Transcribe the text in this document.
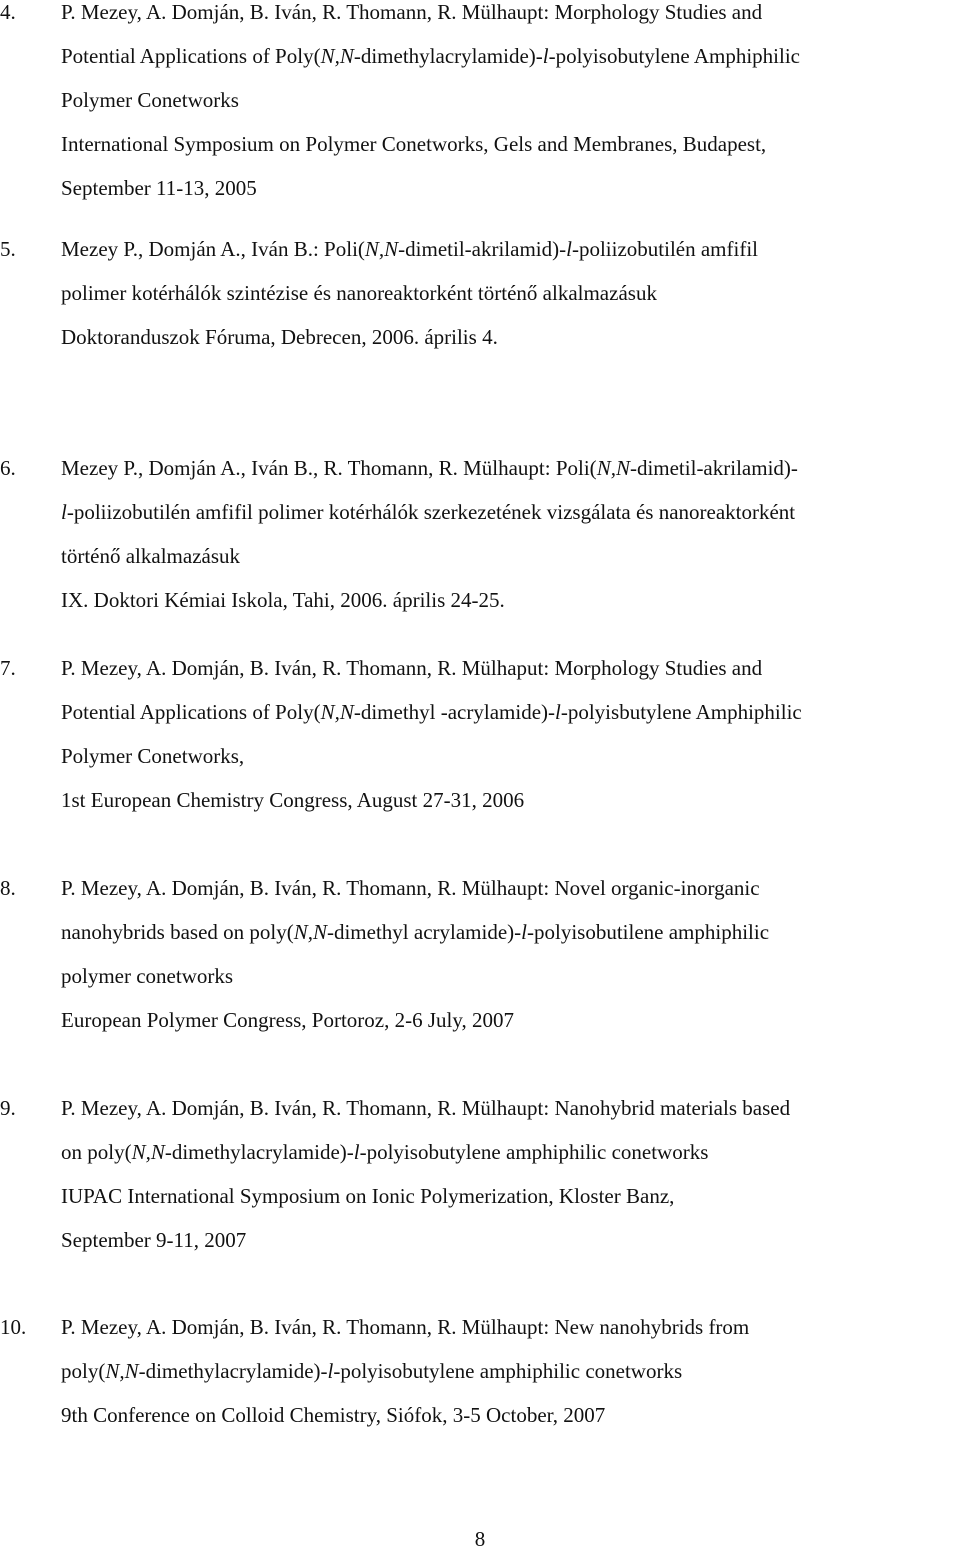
4. P. Mezey, A. Domján, B. Iván, R. Thomann, R. Mülhaupt: Morphology Studies and
Potential Applications of Poly(N,N-dimethylacrylamide)-l-polyisobutylene Amphiphilic
Polymer Conetworks
International Symposium on Polymer Conetworks, Gels and Membranes, Budapest,
September 11-13, 2005
5. Mezey P., Domján A., Iván B.: Poli(N,N-dimetil-akrilamid)-l-poliizobutilén amfifil
polimer kotérhálók szintézise és nanoreaktorként történő alkalmazásuk
Doktoranduszok Fóruma, Debrecen, 2006. április 4.
6. Mezey P., Domján A., Iván B., R. Thomann, R. Mülhaupt: Poli(N,N-dimetil-akrilamid)-
l-poliizobutilén amfifil polimer kotérhálók szerkezetének vizsgálata és nanoreaktorként
történő alkalmazásuk
IX. Doktori Kémiai Iskola, Tahi, 2006. április 24-25.
7. P. Mezey, A. Domján, B. Iván, R. Thomann, R. Mülhaput: Morphology Studies and
Potential Applications of Poly(N,N-dimethyl -acrylamide)-l-polyisbutylene Amphiphilic
Polymer Conetworks,
1st European Chemistry Congress, August 27-31, 2006
8. P. Mezey, A. Domján, B. Iván, R. Thomann, R. Mülhaupt: Novel organic-inorganic
nanohybrids based on poly(N,N-dimethyl acrylamide)-l-polyisobutilene amphiphilic
polymer conetworks
European Polymer Congress, Portoroz, 2-6 July, 2007
9. P. Mezey, A. Domján, B. Iván, R. Thomann, R. Mülhaupt: Nanohybrid materials based
on poly(N,N-dimethylacrylamide)-l-polyisobutylene amphiphilic conetworks
IUPAC International Symposium on Ionic Polymerization, Kloster Banz,
September 9-11, 2007
10. P. Mezey, A. Domján, B. Iván, R. Thomann, R. Mülhaupt: New nanohybrids from
poly(N,N-dimethylacrylamide)-l-polyisobutylene amphiphilic conetworks
9th Conference on Colloid Chemistry, Siófok, 3-5 October, 2007
8
